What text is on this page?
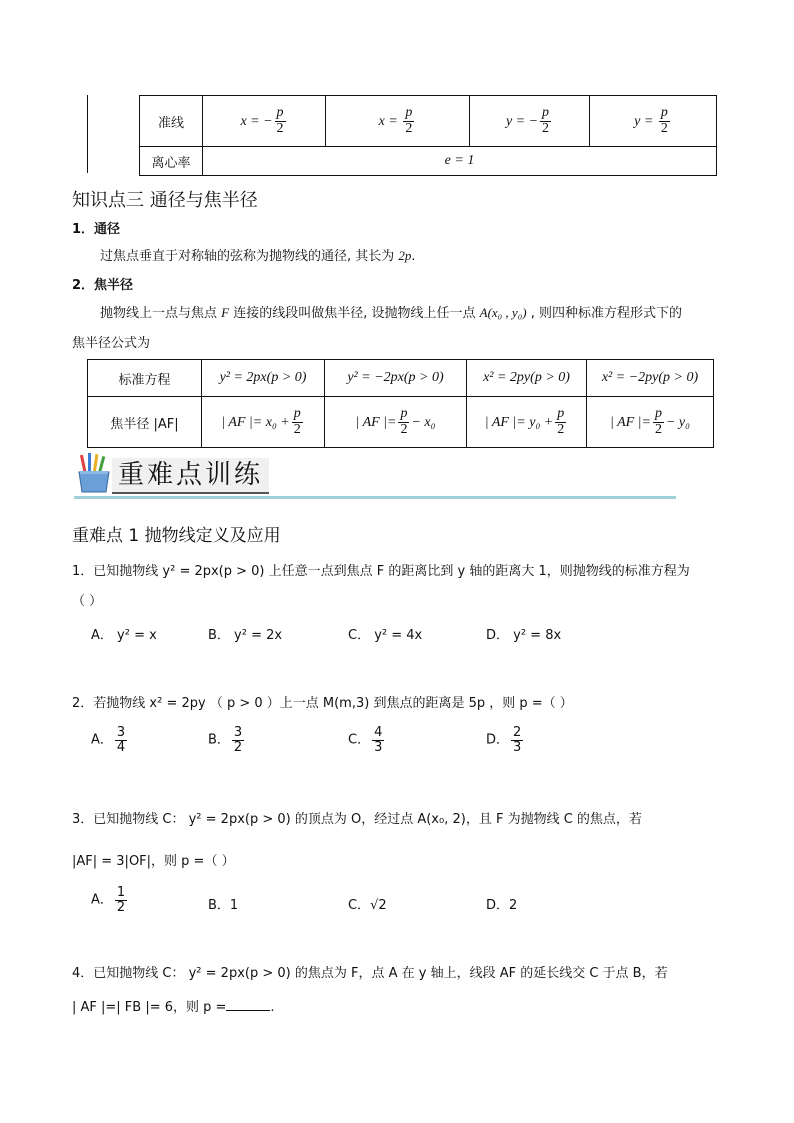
准线	x = − $\frac{p}{2}$	$x = \frac{p}{2}$	y = − $\frac{p}{2}$	$y = \frac{p}{2}$

离心率	e = 1			
知识点三 通径与焦半径
1．通径
过焦点垂直于对称轴的弦称为抛物线的通径, 其长为 2p.
2．焦半径
抛物线上一点与焦点 F 连接的线段叫做焦半径, 设抛物线上任一点 A(x₀ , y₀) , 则四种标准方程形式下的
焦半径公式为
标准方程	y² = 2px(p > 0)	y² = −2px(p > 0)	x² = 2py(p > 0)	x² = −2py(p > 0)
焦半径 |AF|	| AF |= $x_0 + \frac{p}{2}$	| AF |= $\frac{p}{2} - x_0$	| AF |= $y_0 + \frac{p}{2}$	| AF |= $\frac{p}{2} - y_0$
重难点训练
重难点 1 抛物线定义及应用
1．已知抛物线 y² = 2px(p > 0) 上任意一点到焦点 F 的距离比到 y 轴的距离大 1，则抛物线的标准方程为
（ ）
A． y² = x	B． y² = 2x	C． y² = 4x	D． y² = 8x
2．若抛物线 x² = 2py （ p > 0 ）上一点 M(m,3) 到焦点的距离是 5p ，则 p =（ ）
A． $\frac{3}{4}$	B． $\frac{3}{2}$	C． $\frac{4}{3}$	D． $\frac{2}{3}$
3．已知抛物线 C： y² = 2px(p > 0) 的顶点为 O，经过点 A(x₀, 2)，且 F 为抛物线 C 的焦点，若
|AF| = 3|OF|，则 p =（ ）
A． $\frac{1}{2}$	B．1	C．√2	D．2
4．已知抛物线 C： y² = 2px(p > 0) 的焦点为 F，点 A 在 y 轴上，线段 AF 的延长线交 C 于点 B，若
| AF |=| FB |= 6，则 p =	.
